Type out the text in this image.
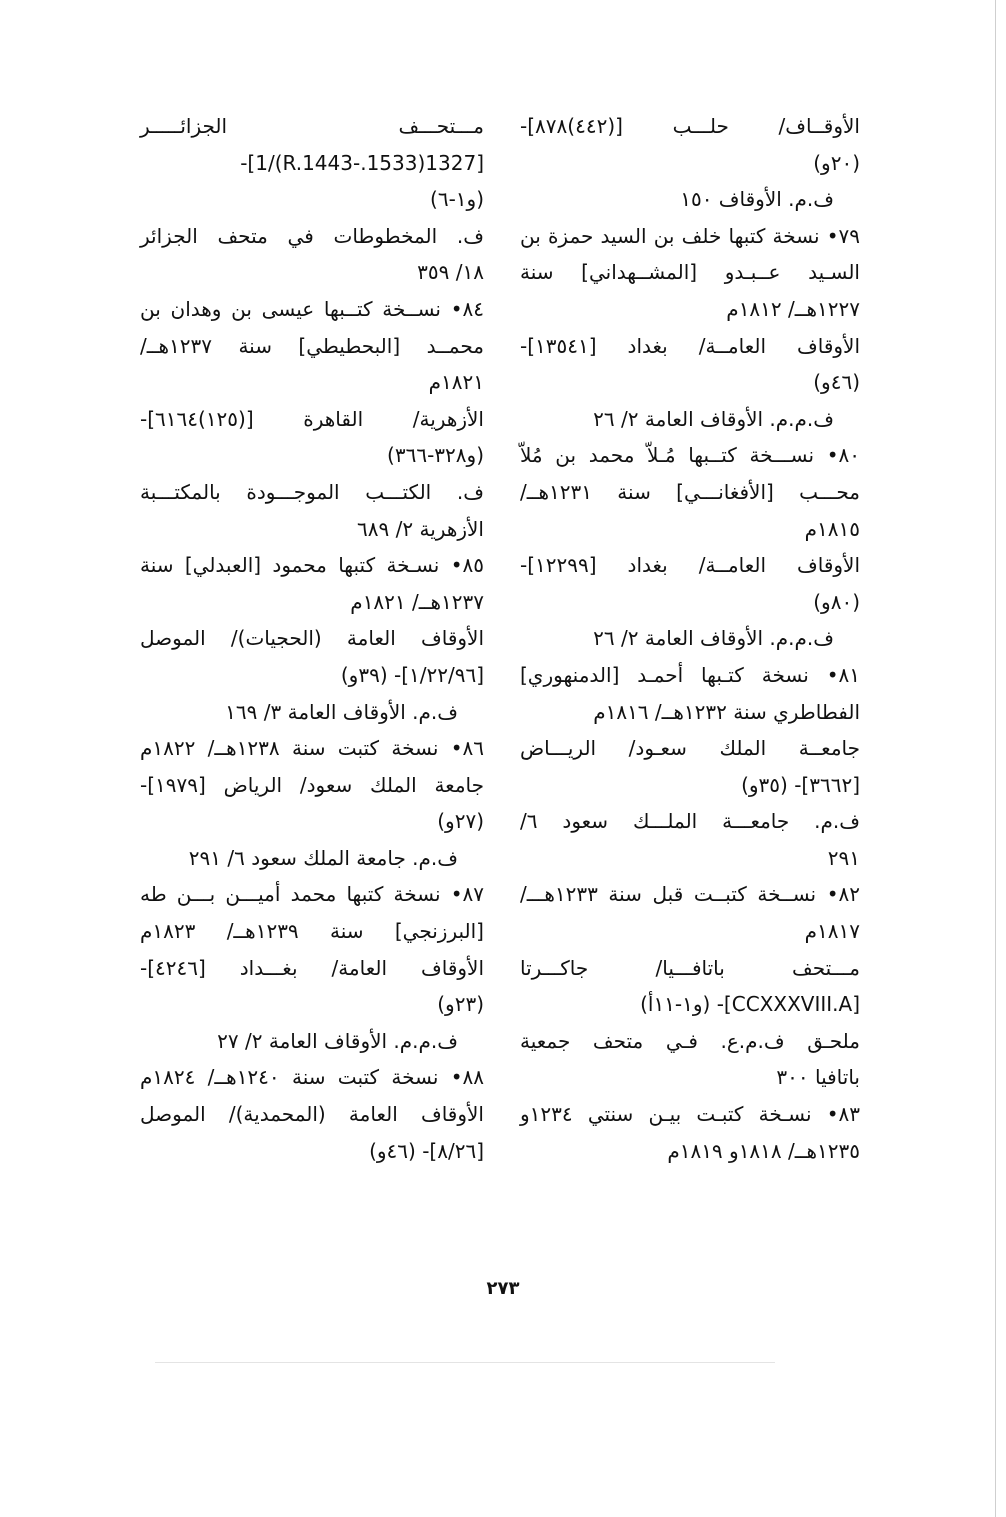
الأوقــاف/ حلـــب [(٤٤٢)٨٧٨]-
(٢٠و)
ف.م. الأوقاف ١٥٠
٧٩• نسخة كتبها خلف بن السيد حمزة بن
السـيد عــبـدو [المشــهداني] سنة
١٢٢٧هــ/ ١٨١٢م
الأوقاف العامــة/ بغداد [١٣٥٤١]-
(٤٦و)
ف.م.م. الأوقاف العامة ٢/ ٢٦
٨٠• نســـخة كتــبها مُـلاّ محمد بن مُلاّ
محـــب [الأفغانـــي] سنة ١٢٣١هــ/
١٨١٥م
الأوقاف العامــة/ بغداد [١٢٢٩٩]-
(٨٠و)
ف.م.م. الأوقاف العامة ٢/ ٢٦
٨١• نسخة كتـبها أحمـد [الدمنهوري]
الفطاطري سنة ١٢٣٢هــ/ ١٨١٦م
جامعــة الملك سعـود/ الريـــاض
[٣٦٦٢]- (٣٥و)
ف.م. جامعـــة الملـــك سعود ٦/
٢٩١
٨٢• نســخة كتبــت قبل سنة ١٢٣٣هـــ/
١٨١٧م
مـــتحف باتافـــيا/ جاكـــرتا
[CCXXXVIII.A]- (و١-١١أ)
ملحـق ف.م.ع. فـي متحف جمعية
باتافيا ٣٠٠
٨٣• نسـخة كتبـت بيـن سنتي ١٢٣٤و
١٢٣٥هــ/ ١٨١٨و ١٨١٩م
مـــتحـــف الجزائـــــر
[1327(1533.-R.1443)/1]-
(و١-٦)
ف. المخطوطات في متحف الجزائر
١٨/ ٣٥٩
٨٤• نســخة كتــبها عيسى بن وهدان بن
محمــد [البحطيطي] سنة ١٢٣٧هــ/
١٨٢١م
الأزهرية/ القاهرة [(١٢٥)٦١٦٤]-
(و٣٢٨-٣٦٦)
ف. الكتـــب الموجـــودة بالمكتـــبة
الأزهرية ٢/ ٦٨٩
٨٥• نسـخة كتبها محمود [العبدلي] سنة
١٢٣٧هــ/ ١٨٢١م
الأوقاف العامة (الحجيات)/ الموصل
[١/٢٢/٩٦]- (٣٩و)
ف.م. الأوقاف العامة ٣/ ١٦٩
٨٦• نسخة كتبت سنة ١٢٣٨هــ/ ١٨٢٢م
جامعة الملك سعود/ الرياض [١٩٧٩]-
(٢٧و)
ف.م. جامعة الملك سعود ٦/ ٢٩١
٨٧• نسخة كتبها محمد أميـــن بـــن طه
[البرزنجي] سنة ١٢٣٩هــ/ ١٨٢٣م
الأوقاف العامة/ بغـــداد [٤٢٤٦]-
(٢٣و)
ف.م.م. الأوقاف العامة ٢/ ٢٧
٨٨• نسخة كتبت سنة ١٢٤٠هــ/ ١٨٢٤م
الأوقاف العامة (المحمدية)/ الموصل
[٨/٢٦]- (٤٦و)
٢٧٣
